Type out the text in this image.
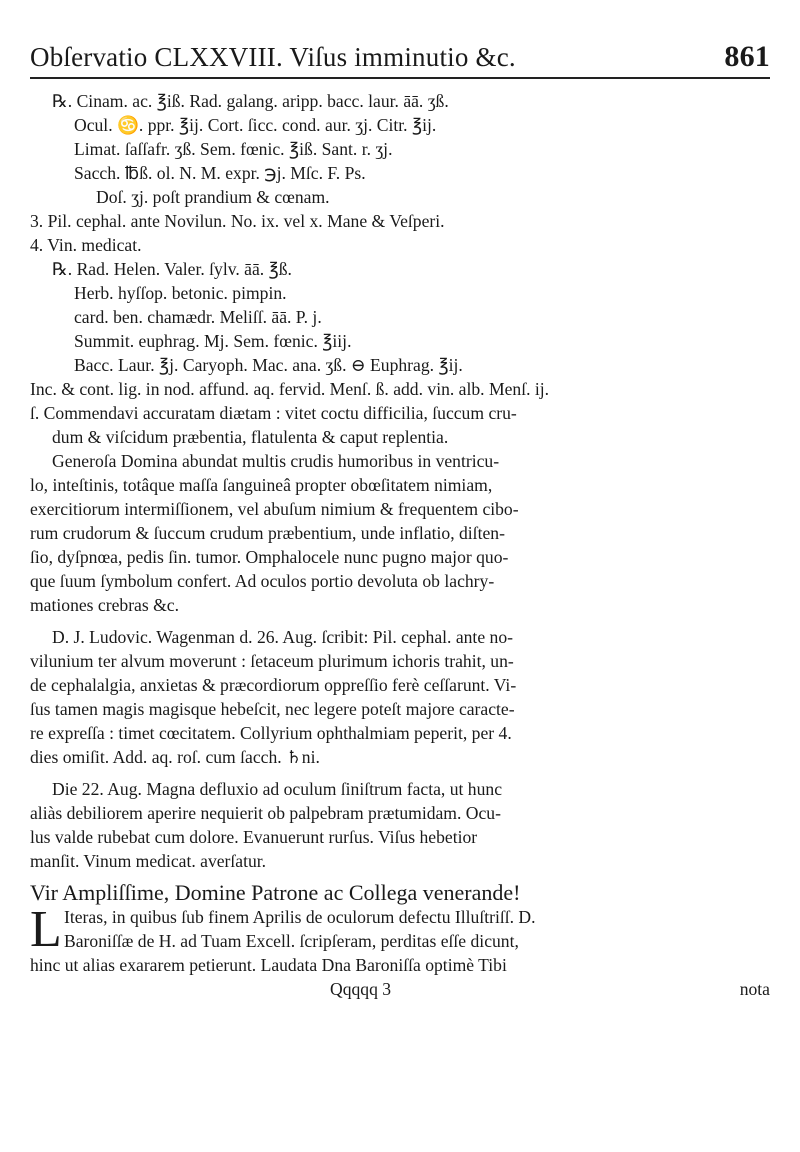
Obſervatio CLXXVIII. Viſus imminutio &c.	861
℞. Cinam. ac. ℥iß. Rad. galang. aripp. bacc. laur. āā. ʒß.
Ocul. ♋. ppr. ℥ij. Cort. ſicc. cond. aur. ʒj. Citr. ℥ij.
Limat. ſaſſafr. ʒß. Sem. fœnic. ℥iß. Sant. r. ʒj.
Sacch. ℔ß. ol. N. M. expr. ℈j. Mſc. F. Ps.
Doſ. ʒj. poſt prandium & cœnam.
3. Pil. cephal. ante Novilun. No. ix. vel x. Mane & Veſperi.
4. Vin. medicat.
℞. Rad. Helen. Valer. ſylv. āā. ℥ß.
Herb. hyſſop. betonic. pimpin.
card. ben. chamædr. Meliſſ. āā. P. j.
Summit. euphrag. Mj. Sem. fœnic. ℥iij.
Bacc. Laur. ℥j. Caryoph. Mac. ana. ʒß. ⊖ Euphrag. ℥ij.
Inc. & cont. lig. in nod. affund. aq. fervid. Menſ. ß. add. vin. alb. Menſ. ij.
ſ. Commendavi accuratam diætam : vitet coctu difficilia, ſuccum cru-
dum & viſcidum præbentia, flatulenta & caput replentia.
Generoſa Domina abundat multis crudis humoribus in ventricu-
lo, inteſtinis, totâque maſſa ſanguineâ propter obœſitatem nimiam,
exercitiorum intermiſſionem, vel abuſum nimium & frequentem cibo-
rum crudorum & ſuccum crudum præbentium, unde inflatio, diſten-
ſio, dyſpnœa, pedis ſin. tumor. Omphalocele nunc pugno major quo-
que ſuum ſymbolum confert. Ad oculos portio devoluta ob lachry-
mationes crebras &c.
D. J. Ludovic. Wagenman d. 26. Aug. ſcribit: Pil. cephal. ante no-
vilunium ter alvum moverunt : ſetaceum plurimum ichoris trahit, un-
de cephalalgia, anxietas & præcordiorum oppreſſio ferè ceſſarunt. Vi-
ſus tamen magis magisque hebeſcit, nec legere poteſt majore caracte-
re expreſſa : timet cœcitatem. Collyrium ophthalmiam peperit, per 4.
dies omiſit. Add. aq. roſ. cum ſacch. ♄ni.
Die 22. Aug. Magna defluxio ad oculum ſiniſtrum facta, ut hunc
aliàs debiliorem aperire nequierit ob palpebram prætumidam. Ocu-
lus valde rubebat cum dolore. Evanuerunt rurſus. Viſus hebetior
manſit. Vinum medicat. averſatur.
Vir Ampliſſime, Domine Patrone ac Collega venerande!
L Iteras, in quibus ſub finem Aprilis de oculorum defectu Illuſtriſſ. D.
Baroniſſæ de H. ad Tuam Excell. ſcripſeram, perditas eſſe dicunt,
hinc ut alias exararem petierunt. Laudata Dna Baroniſſa optimè Tibi
Qqqqq 3	nota
